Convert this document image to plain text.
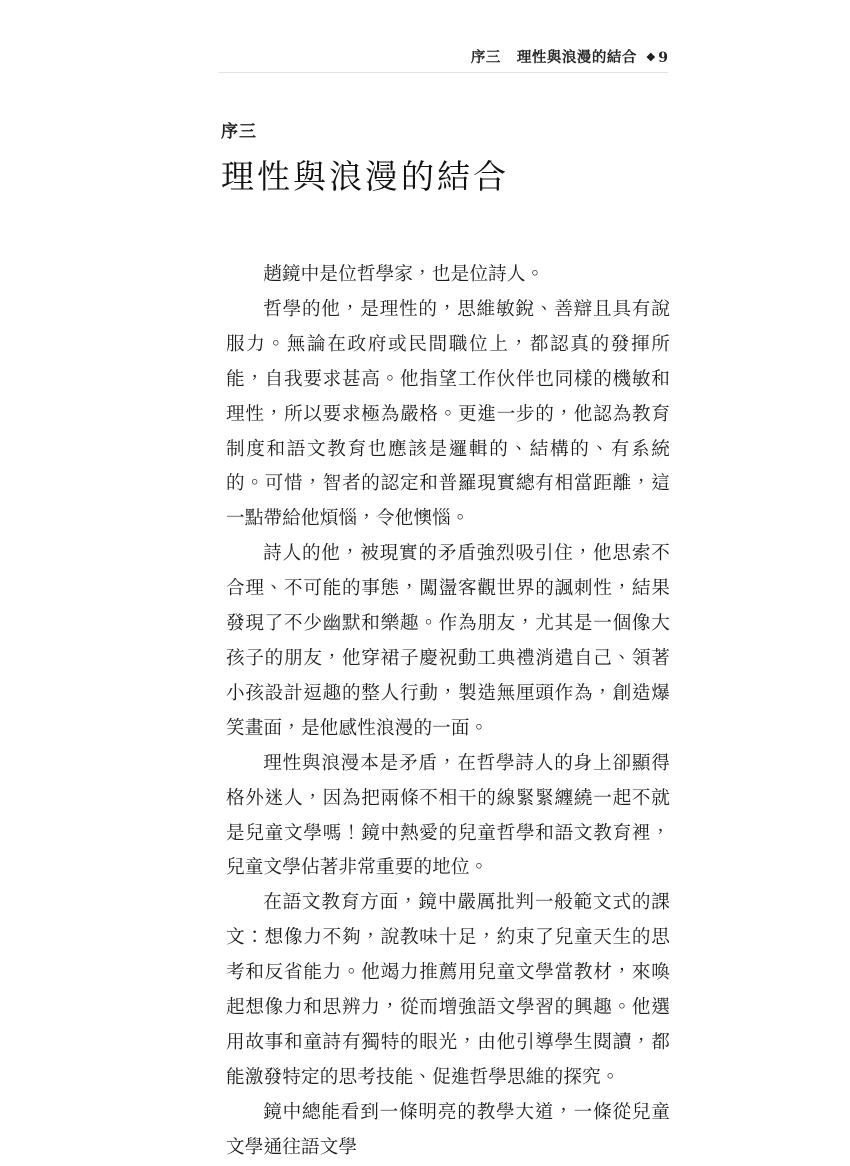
序三 理性與浪漫的結合 ❖ 9
序三
理性與浪漫的結合

趙鏡中是位哲學家，也是位詩人。

哲學的他，是理性的，思維敏銳、善辯且具有說服力。無論在政府或民間職位上，都認真的發揮所能，自我要求甚高。他指望工作伙伴也同樣的機敏和理性，所以要求極為嚴格。更進一步的，他認為教育制度和語文教育也應該是邏輯的、結構的、有系統的。可惜，智者的認定和普羅現實總有相當距離，這一點帶給他煩惱，令他懊惱。

詩人的他，被現實的矛盾強烈吸引住，他思索不合理、不可能的事態，闖盪客觀世界的諷刺性，結果發現了不少幽默和樂趣。作為朋友，尤其是一個像大孩子的朋友，他穿裙子慶祝動工典禮消遣自己、領著小孩設計逗趣的整人行動，製造無厘頭作為，創造爆笑畫面，是他感性浪漫的一面。

理性與浪漫本是矛盾，在哲學詩人的身上卻顯得格外迷人，因為把兩條不相干的線緊緊纏繞一起不就是兒童文學嗎！鏡中熱愛的兒童哲學和語文教育裡，兒童文學佔著非常重要的地位。

在語文教育方面，鏡中嚴厲批判一般範文式的課文：想像力不夠，說教味十足，約束了兒童天生的思考和反省能力。他竭力推薦用兒童文學當教材，來喚起想像力和思辨力，從而增強語文學習的興趣。他選用故事和童詩有獨特的眼光，由他引導學生閱讀，都能激發特定的思考技能、促進哲學思維的探究。

鏡中總能看到一條明亮的教學大道，一條從兒童文學通往語文學
